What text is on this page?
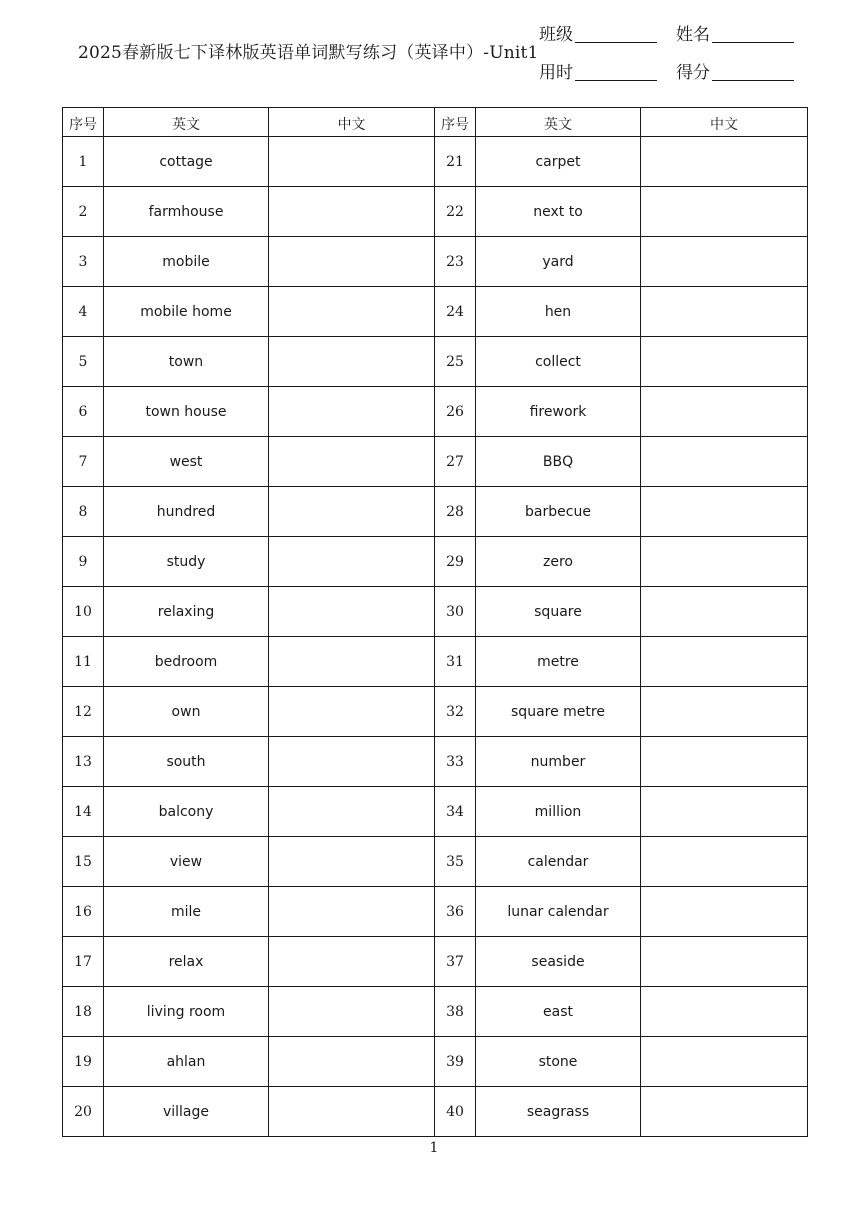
2025春新版七下译林版英语单词默写练习（英译中）-Unit1
班级	姓名
用时	得分
序号	英文	中文	序号	英文	中文
1	cottage		21	carpet	
2	farmhouse		22	next to	
3	mobile		23	yard	
4	mobile home		24	hen	
5	town		25	collect	
6	town house		26	firework	
7	west		27	BBQ	
8	hundred		28	barbecue	
9	study		29	zero	
10	relaxing		30	square	
11	bedroom		31	metre	
12	own		32	square metre	
13	south		33	number	
14	balcony		34	million	
15	view		35	calendar	
16	mile		36	lunar calendar	
17	relax		37	seaside	
18	living room		38	east	
19	ahlan		39	stone	
20	village		40	seagrass	
1
